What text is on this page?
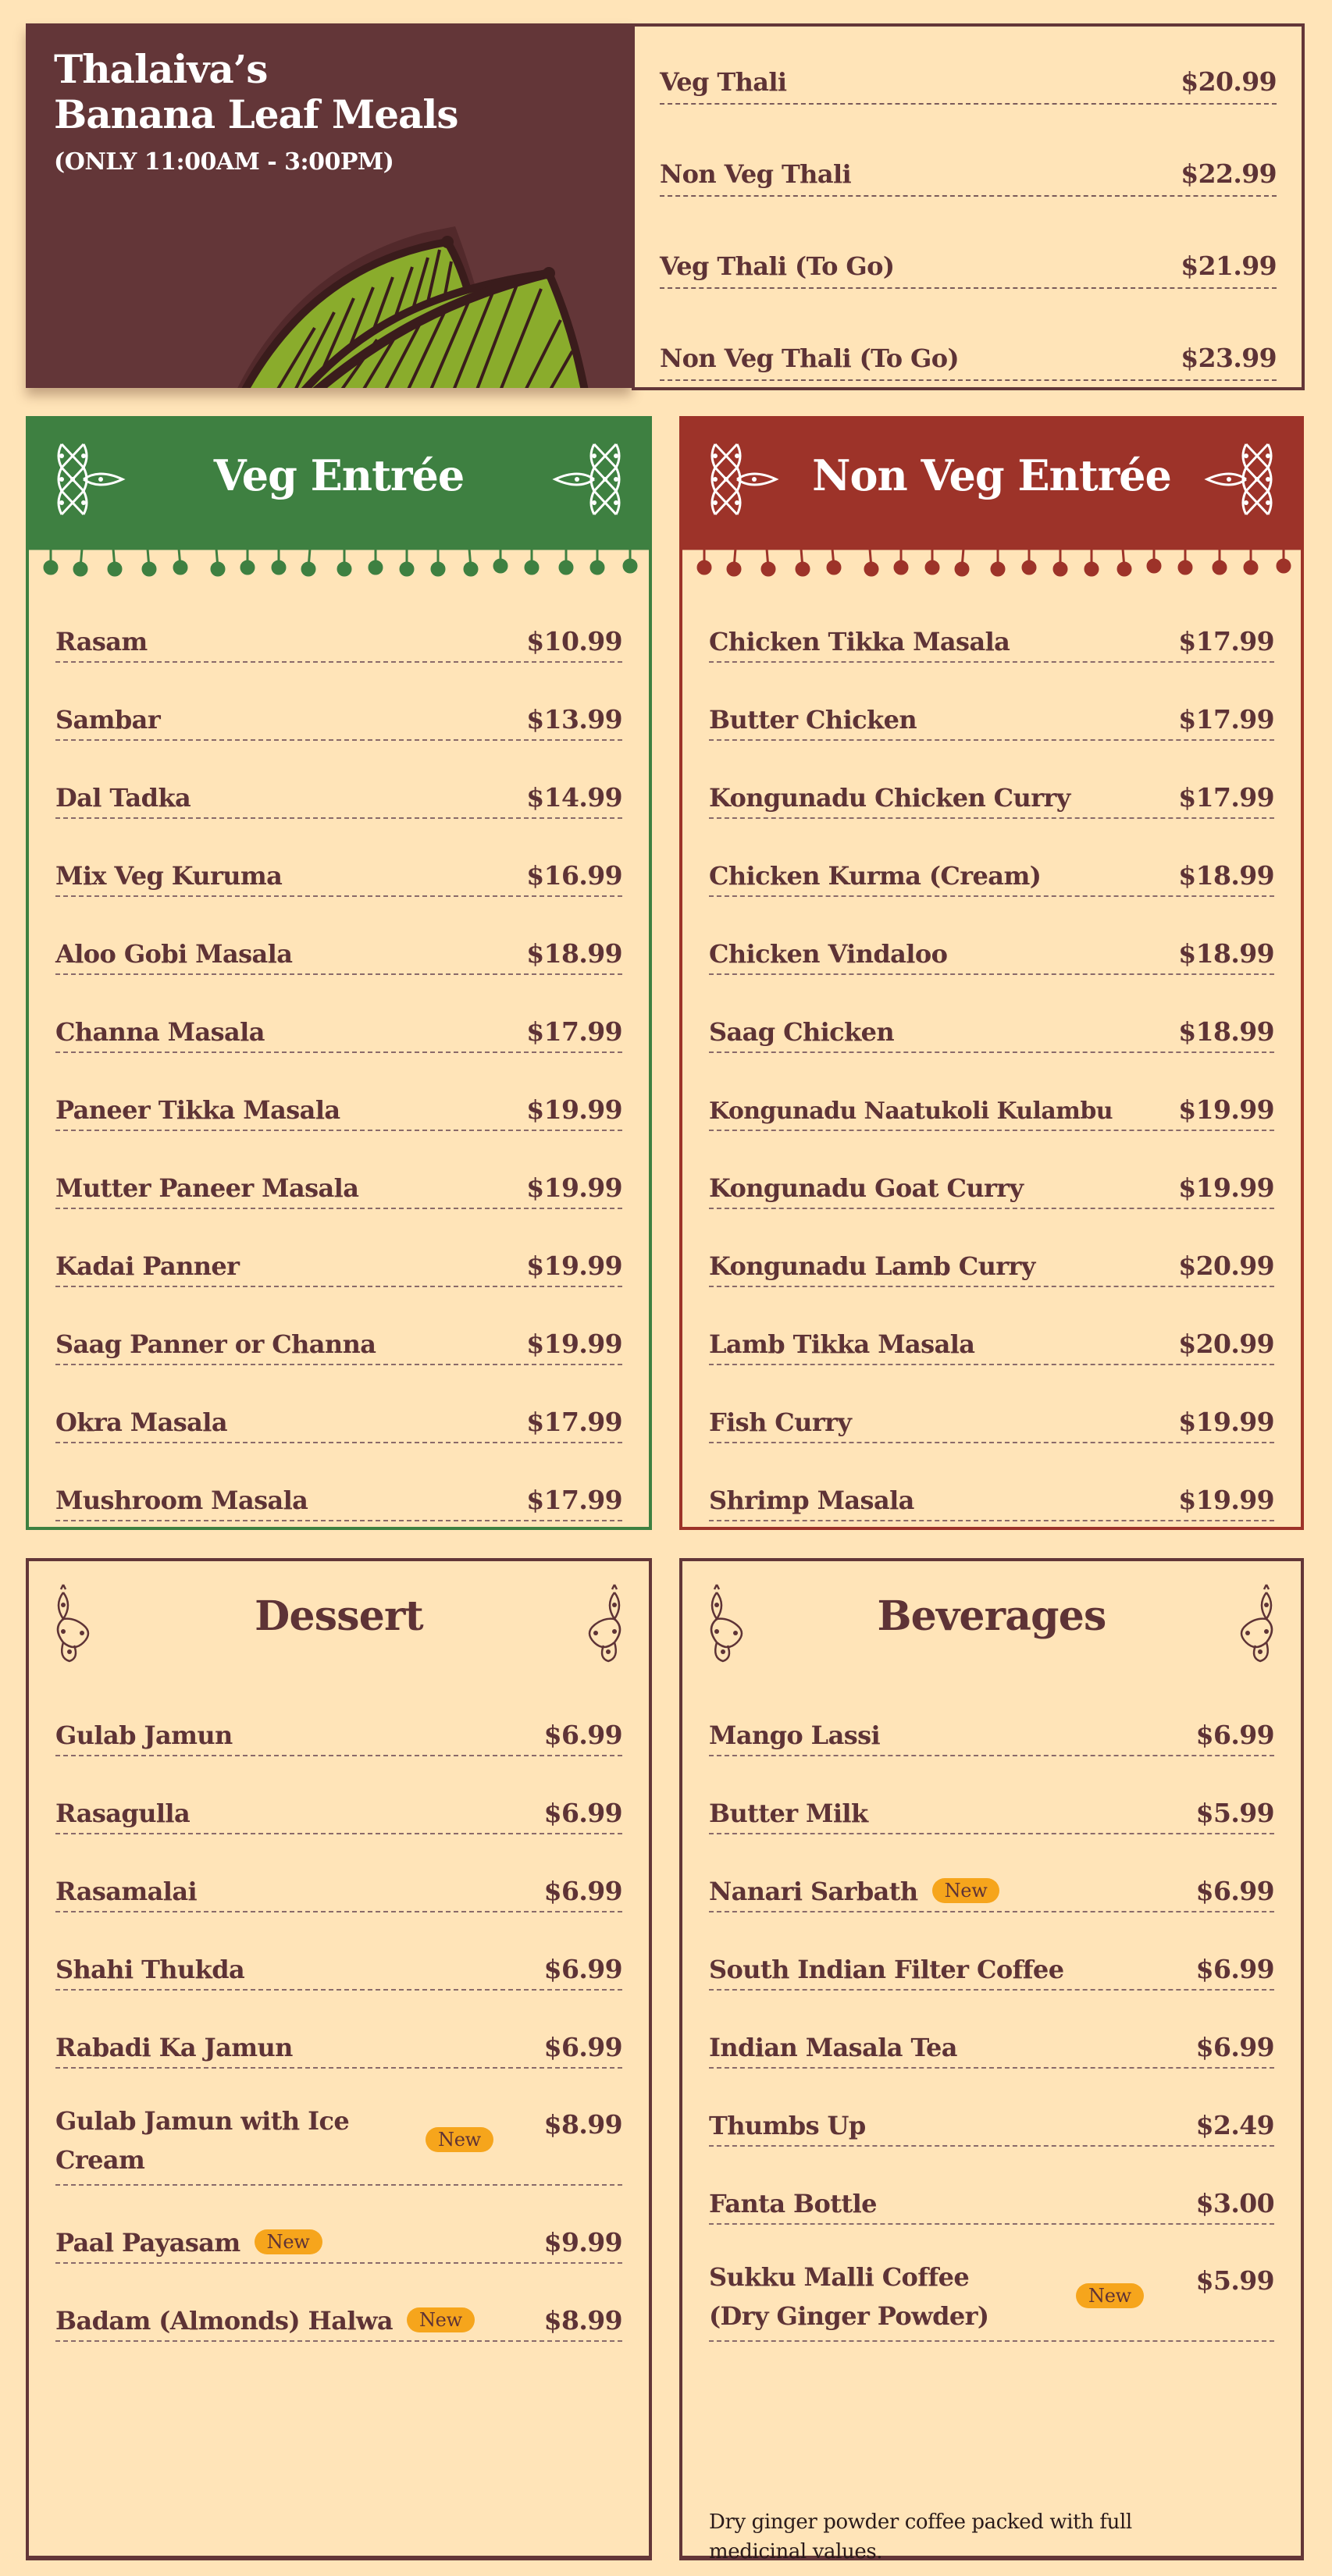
Thalaiva’s
Banana Leaf Meals
(ONLY 11:00AM - 3:00PM)
Veg Thali	$20.99
Non Veg Thali	$22.99
Veg Thali (To Go)	$21.99
Non Veg Thali (To Go)	$23.99
Veg Entrée
Rasam	$10.99
Sambar	$13.99
Dal Tadka	$14.99
Mix Veg Kuruma	$16.99
Aloo Gobi Masala	$18.99
Channa Masala	$17.99
Paneer Tikka Masala	$19.99
Mutter Paneer Masala	$19.99
Kadai Panner	$19.99
Saag Panner or Channa	$19.99
Okra Masala	$17.99
Mushroom Masala	$17.99
Non Veg Entrée
Chicken Tikka Masala	$17.99
Butter Chicken	$17.99
Kongunadu Chicken Curry	$17.99
Chicken Kurma (Cream)	$18.99
Chicken Vindaloo	$18.99
Saag Chicken	$18.99
Kongunadu Naatukoli Kulambu	$19.99
Kongunadu Goat Curry	$19.99
Kongunadu Lamb Curry	$20.99
Lamb Tikka Masala	$20.99
Fish Curry	$19.99
Shrimp Masala	$19.99
Dessert
Gulab Jamun	$6.99
Rasagulla	$6.99
Rasamalai	$6.99
Shahi Thukda	$6.99
Rabadi Ka Jamun	$6.99
Gulab Jamun with Ice
Cream
New	$8.99
Paal Payasam New	$9.99
Badam (Almonds) Halwa New	$8.99
Beverages
Mango Lassi	$6.99
Butter Milk	$5.99
Nanari Sarbath New	$6.99
South Indian Filter Coffee	$6.99
Indian Masala Tea	$6.99
Thumbs Up	$2.49
Fanta Bottle	$3.00
Sukku Malli Coffee
(Dry Ginger Powder)
New	$5.99
Dry ginger powder coffee packed with full
medicinal values.
